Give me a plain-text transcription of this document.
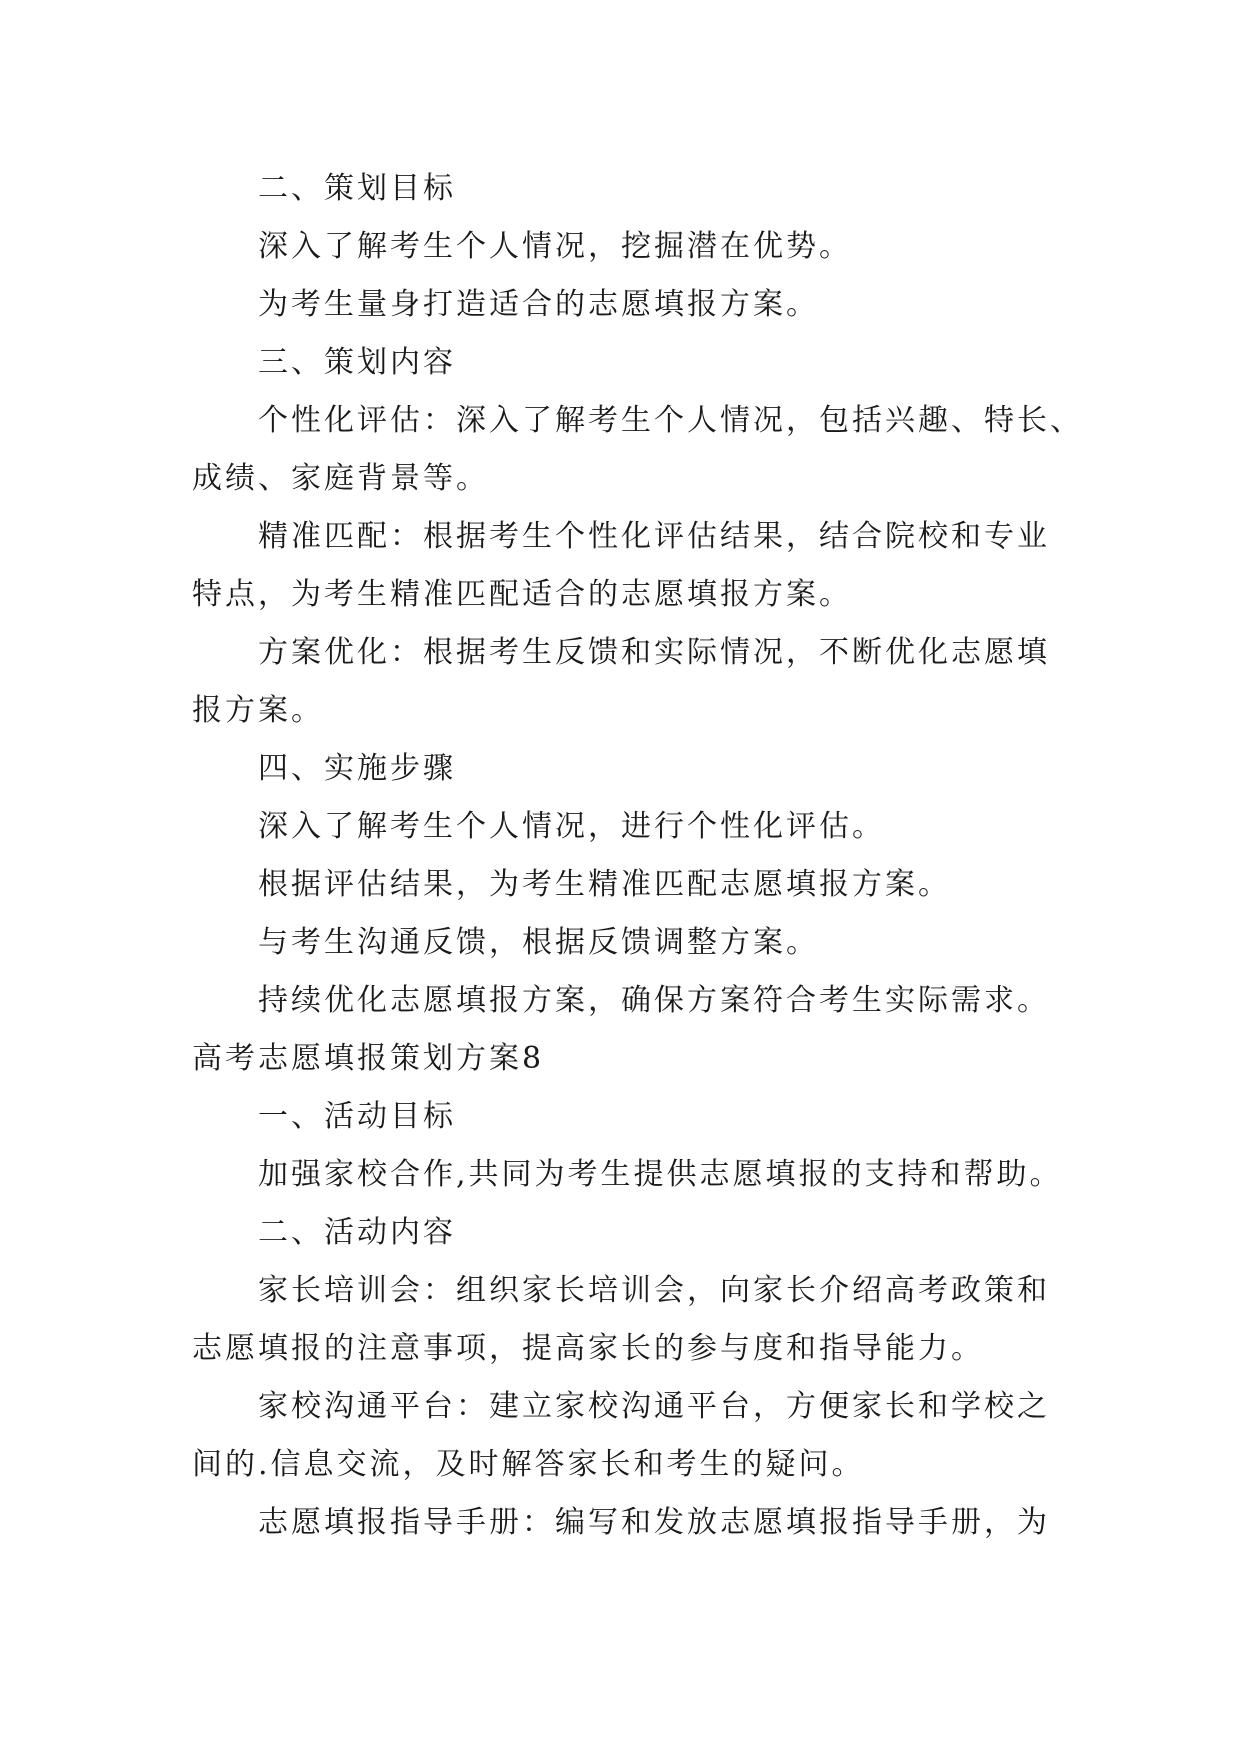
二、策划目标
深入了解考生个人情况，挖掘潜在优势。
为考生量身打造适合的志愿填报方案。
三、策划内容
个性化评估：深入了解考生个人情况，包括兴趣、特长、
成绩、家庭背景等。
精准匹配：根据考生个性化评估结果，结合院校和专业
特点，为考生精准匹配适合的志愿填报方案。
方案优化：根据考生反馈和实际情况，不断优化志愿填
报方案。
四、实施步骤
深入了解考生个人情况，进行个性化评估。
根据评估结果，为考生精准匹配志愿填报方案。
与考生沟通反馈，根据反馈调整方案。
持续优化志愿填报方案，确保方案符合考生实际需求。
高考志愿填报策划方案8
一、活动目标
加强家校合作,共同为考生提供志愿填报的支持和帮助。
二、活动内容
家长培训会：组织家长培训会，向家长介绍高考政策和
志愿填报的注意事项，提高家长的参与度和指导能力。
家校沟通平台：建立家校沟通平台，方便家长和学校之
间的.信息交流，及时解答家长和考生的疑问。
志愿填报指导手册：编写和发放志愿填报指导手册，为
